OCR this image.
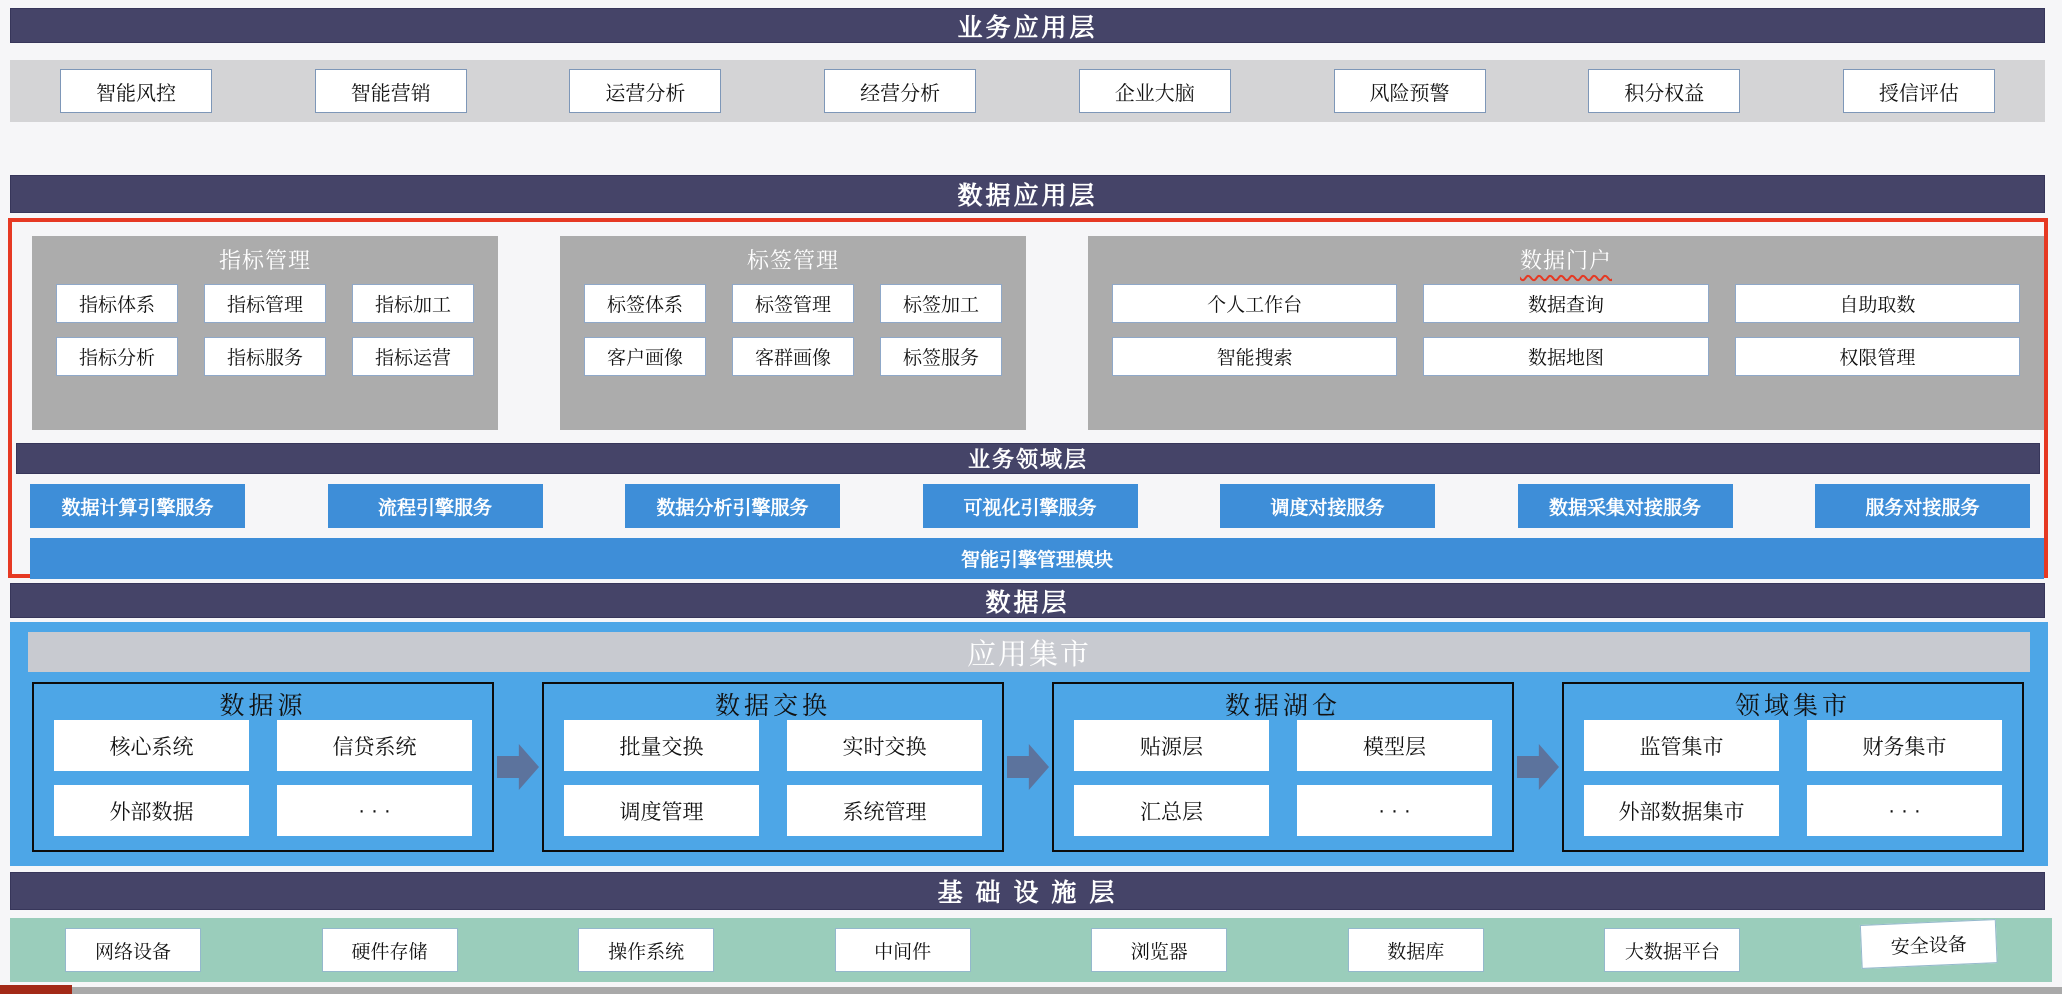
业务应用层
智能风控	智能营销	运营分析	经营分析	企业大脑	风险预警	积分权益	授信评估
数据应用层
指标管理
指标体系	指标管理	指标加工
指标分析	指标服务	指标运营
标签管理
标签体系	标签管理	标签加工
客户画像	客群画像	标签服务
数据门户
个人工作台	数据查询	自助取数
智能搜索	数据地图	权限管理
业务领域层
数据计算引擎服务	流程引擎服务	数据分析引擎服务	可视化引擎服务	调度对接服务	数据采集对接服务	服务对接服务
智能引擎管理模块
数据层
应用集市
数据源
核心系统	信贷系统
外部数据	· · ·
数据交换
批量交换	实时交换
调度管理	系统管理
数据湖仓
贴源层	模型层
汇总层	· · ·
领域集市
监管集市	财务集市
外部数据集市	· · ·
基 础 设 施 层
网络设备	硬件存储	操作系统	中间件	浏览器	数据库	大数据平台	安全设备
